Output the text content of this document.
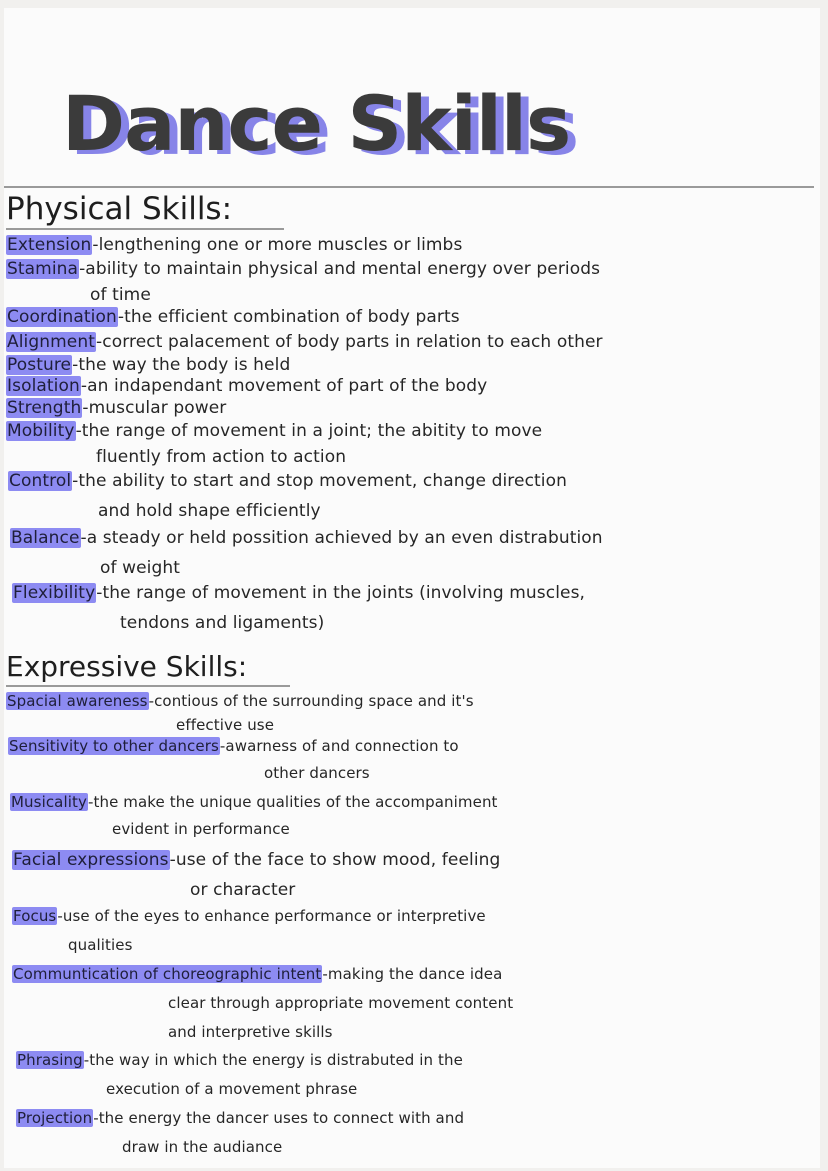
Dance Skills
Physical Skills:
Extension-lengthening one or more muscles or limbs
Stamina-ability to maintain physical and mental energy over periods
of time
Coordination-the efficient combination of body parts
Alignment-correct palacement of body parts in relation to each other
Posture-the way the body is held
Isolation-an indapendant movement of part of the body
Strength-muscular power
Mobility-the range of movement in a joint; the abitity to move
fluently from action to action
Control-the ability to start and stop movement, change direction
and hold shape efficiently
Balance-a steady or held possition achieved by an even distrabution
of weight
Flexibility-the range of movement in the joints (involving muscles,
tendons and ligaments)
Expressive Skills:
Spacial awareness-contious of the surrounding space and it's
effective use
Sensitivity to other dancers-awarness of and connection to
other dancers
Musicality-the make the unique qualities of the accompaniment
evident in performance
Facial expressions-use of the face to show mood, feeling
or character
Focus-use of the eyes to enhance performance or interpretive
qualities
Communtication of choreographic intent-making the dance idea
clear through appropriate movement content
and interpretive skills
Phrasing-the way in which the energy is distrabuted in the
execution of a movement phrase
Projection-the energy the dancer uses to connect with and
draw in the audiance
